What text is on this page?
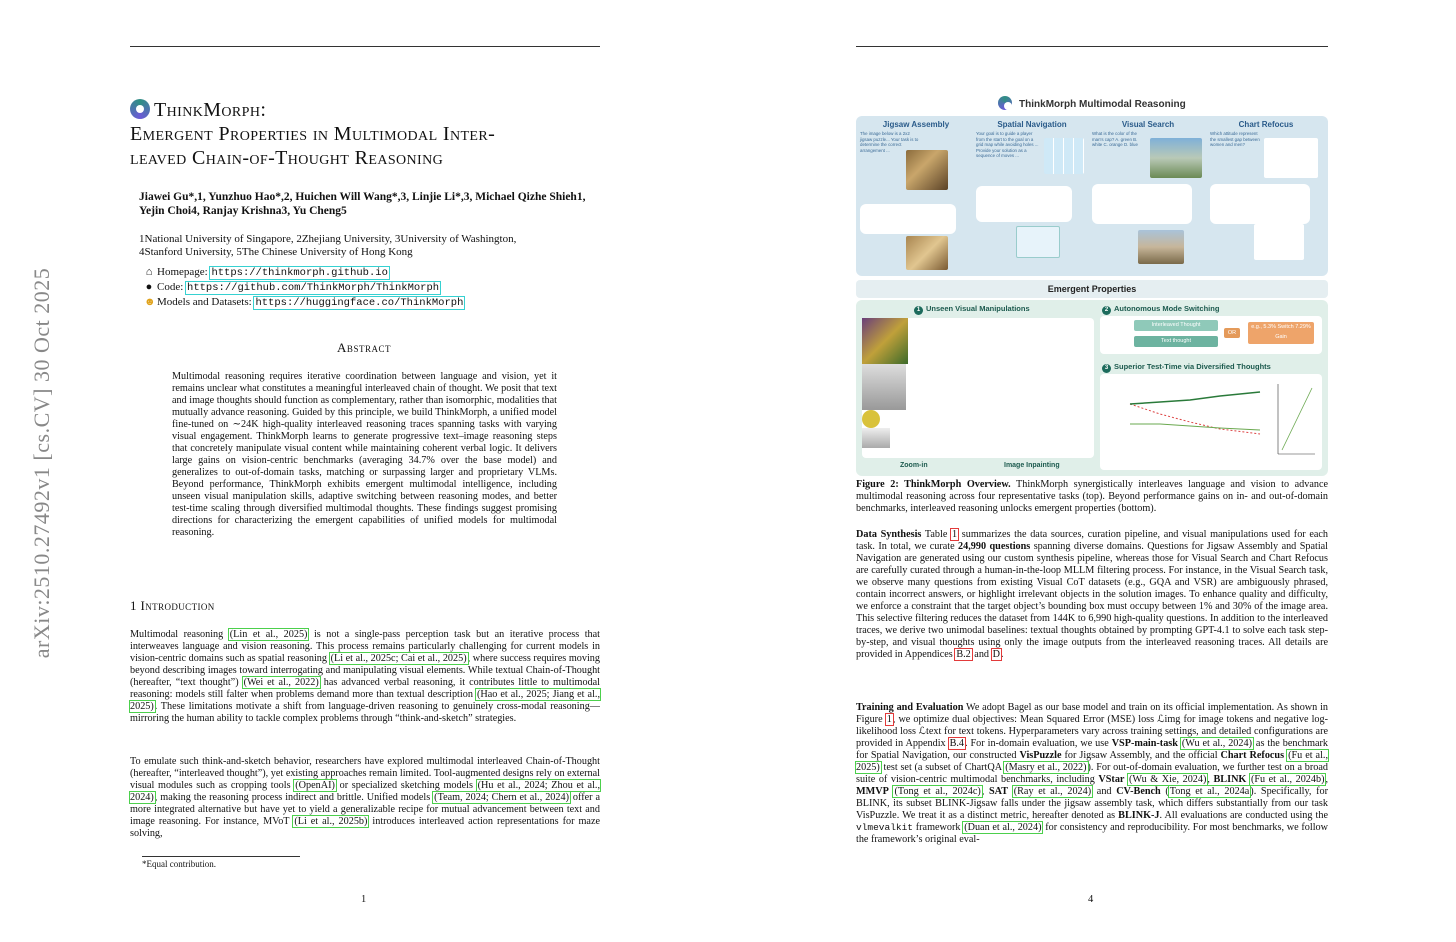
arXiv:2510.27492v1 [cs.CV] 30 Oct 2025
ThinkMorph:
Emergent Properties in Multimodal Inter-
leaved Chain-of-Thought Reasoning
Jiawei Gu*,1, Yunzhuo Hao*,2, Huichen Will Wang*,3, Linjie Li*,3, Michael Qizhe Shieh1,
Yejin Choi4, Ranjay Krishna3, Yu Cheng5
1National University of Singapore, 2Zhejiang University, 3University of Washington,
4Stanford University, 5The Chinese University of Hong Kong
⌂ Homepage: https://thinkmorph.github.io
● Code: https://github.com/ThinkMorph/ThinkMorph
☻Models and Datasets: https://huggingface.co/ThinkMorph
Abstract
Multimodal reasoning requires iterative coordination between language and vision, yet it remains unclear what constitutes a meaningful interleaved chain of thought. We posit that text and image thoughts should function as complementary, rather than isomorphic, modalities that mutually advance reasoning. Guided by this principle, we build ThinkMorph, a unified model fine-tuned on ∼24K high-quality interleaved reasoning traces spanning tasks with varying visual engagement. ThinkMorph learns to generate progressive text–image reasoning steps that concretely manipulate visual content while maintaining coherent verbal logic. It delivers large gains on vision-centric benchmarks (averaging 34.7% over the base model) and generalizes to out-of-domain tasks, matching or surpassing larger and proprietary VLMs. Beyond performance, ThinkMorph exhibits emergent multimodal intelligence, including unseen visual manipulation skills, adaptive switching between reasoning modes, and better test-time scaling through diversified multimodal thoughts. These findings suggest promising directions for characterizing the emergent capabilities of unified models for multimodal reasoning.
1 Introduction
Multimodal reasoning (Lin et al., 2025) is not a single-pass perception task but an iterative process that interweaves language and vision reasoning. This process remains particularly challenging for current models in vision-centric domains such as spatial reasoning (Li et al., 2025c; Cai et al., 2025), where success requires moving beyond describing images toward interrogating and manipulating visual elements. While textual Chain-of-Thought (hereafter, “text thought”) (Wei et al., 2022) has advanced verbal reasoning, it contributes little to multimodal reasoning: models still falter when problems demand more than textual description (Hao et al., 2025; Jiang et al., 2025). These limitations motivate a shift from language-driven reasoning to genuinely cross-modal reasoning—mirroring the human ability to tackle complex problems through “think-and-sketch” strategies.
To emulate such think-and-sketch behavior, researchers have explored multimodal interleaved Chain-of-Thought (hereafter, “interleaved thought”), yet existing approaches remain limited. Tool-augmented designs rely on external visual modules such as cropping tools (OpenAI) or specialized sketching models (Hu et al., 2024; Zhou et al., 2024), making the reasoning process indirect and brittle. Unified models (Team, 2024; Chern et al., 2024) offer a more integrated alternative but have yet to yield a generalizable recipe for mutual advancement between text and image reasoning. For instance, MVoT (Li et al., 2025b) introduces interleaved action representations for maze solving,
*Equal contribution.
1
ThinkMorph Multimodal Reasoning
Jigsaw Assembly
The image below is a 2x2 jigsaw puzzle... Your task is to determine the correct arrangement ...
Spatial Navigation
Your goal is to guide a player from the start to the goal on a grid map while avoiding holes ... Provide your solution as a sequence of moves ...
Visual Search
What is the color of the man's cap? A. green B. white C. orange D. blue
Chart Refocus
Which attitude represent the smallest gap between women and men?
Emergent Properties
1 Unseen Visual Manipulations
Zoom-in	Image Inpainting
2 Autonomous Mode Switching
Interleaved Thought
Text thought
OR
e.g., 5.3% Switch 7.29% Gain
3 Superior Test-Time via Diversified Thoughts
Figure 2: ThinkMorph Overview. ThinkMorph synergistically interleaves language and vision to advance multimodal reasoning across four representative tasks (top). Beyond performance gains on in- and out-of-domain benchmarks, interleaved reasoning unlocks emergent properties (bottom).
Data Synthesis Table 1 summarizes the data sources, curation pipeline, and visual manipulations used for each task. In total, we curate 24,990 questions spanning diverse domains. Questions for Jigsaw Assembly and Spatial Navigation are generated using our custom synthesis pipeline, whereas those for Visual Search and Chart Refocus are carefully curated through a human-in-the-loop MLLM filtering process. For instance, in the Visual Search task, we observe many questions from existing Visual CoT datasets (e.g., GQA and VSR) are ambiguously phrased, contain incorrect answers, or highlight irrelevant objects in the solution images. To enhance quality and difficulty, we enforce a constraint that the target object’s bounding box must occupy between 1% and 30% of the image area. This selective filtering reduces the dataset from 144K to 6,990 high-quality questions. In addition to the interleaved traces, we derive two unimodal baselines: textual thoughts obtained by prompting GPT-4.1 to solve each task step-by-step, and visual thoughts using only the image outputs from the interleaved reasoning traces. All details are provided in Appendices B.2 and D.
Training and Evaluation We adopt Bagel as our base model and train on its official implementation. As shown in Figure 1, we optimize dual objectives: Mean Squared Error (MSE) loss ℒimg for image tokens and negative log-likelihood loss ℒtext for text tokens. Hyperparameters vary across training settings, and detailed configurations are provided in Appendix B.4. For in-domain evaluation, we use VSP-main-task (Wu et al., 2024) as the benchmark for Spatial Navigation, our constructed VisPuzzle for Jigsaw Assembly, and the official Chart Refocus (Fu et al., 2025) test set (a subset of ChartQA (Masry et al., 2022)). For out-of-domain evaluation, we further test on a broad suite of vision-centric multimodal benchmarks, including VStar (Wu & Xie, 2024), BLINK (Fu et al., 2024b), MMVP (Tong et al., 2024c), SAT (Ray et al., 2024) and CV-Bench (Tong et al., 2024a). Specifically, for BLINK, its subset BLINK-Jigsaw falls under the jigsaw assembly task, which differs substantially from our task VisPuzzle. We treat it as a distinct metric, hereafter denoted as BLINK-J. All evaluations are conducted using the vlmevalkit framework (Duan et al., 2024) for consistency and reproducibility. For most benchmarks, we follow the framework’s original eval-
4
